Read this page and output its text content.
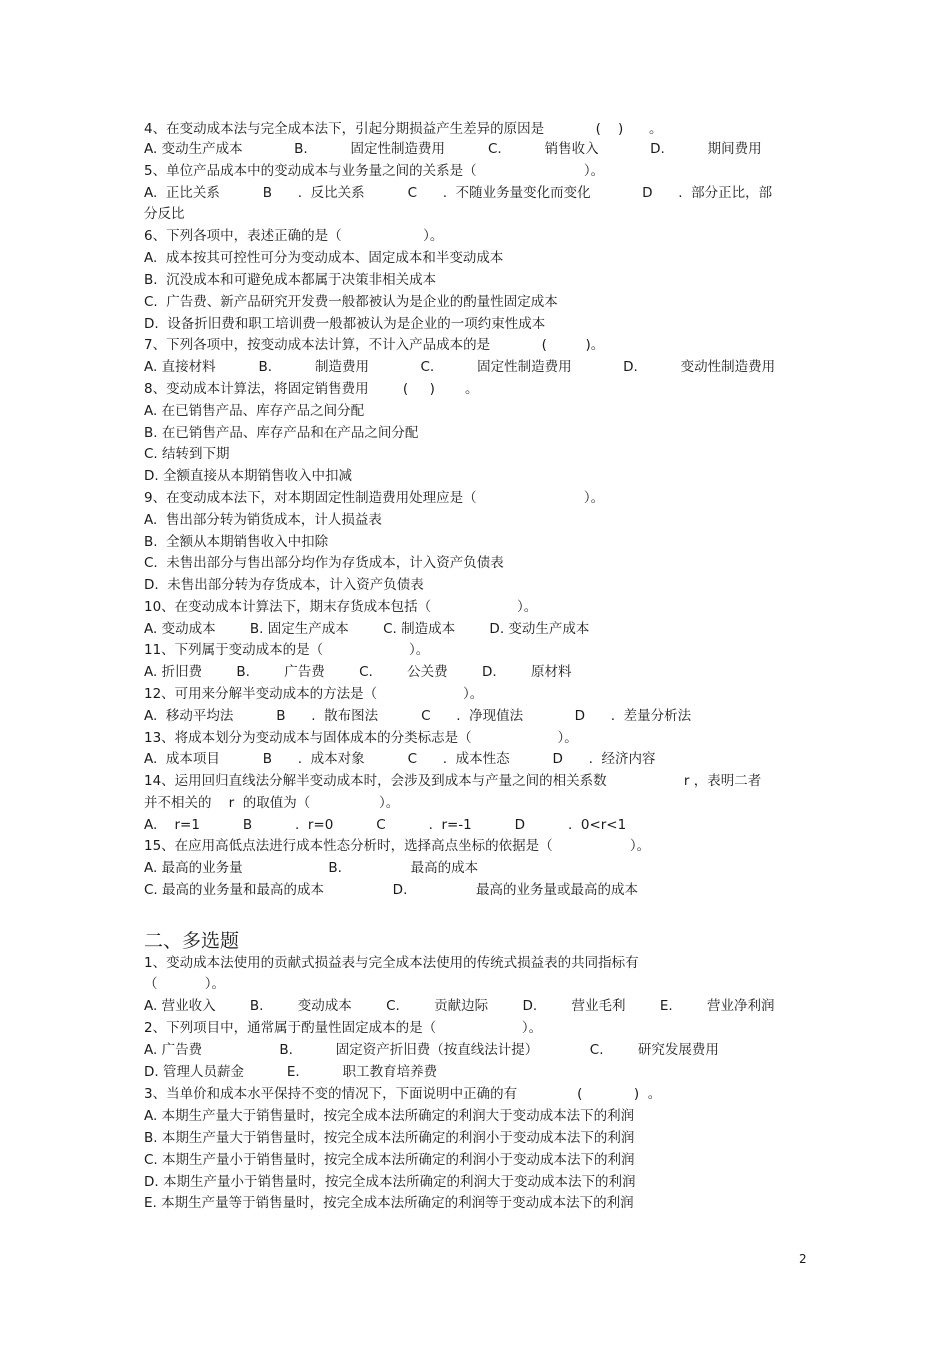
4、在变动成本法与完全成本法下，引起分期损益产生差异的原因是            (    )      。
A. 变动生产成本            B.          固定性制造费用          C.          销售收入            D.          期间费用
5、单位产品成本中的变动成本与业务量之间的关系是（                         ）。
A.  正比关系          B      .  反比关系          C      .  不随业务量变化而变化            D      .  部分正比，部
分反比
6、下列各项中，表述正确的是（                   ）。
A.  成本按其可控性可分为变动成本、固定成本和半变动成本
B.  沉没成本和可避免成本都属于决策非相关成本
C.  广告费、新产品研究开发费一般都被认为是企业的酌量性固定成本
D.  设备折旧费和职工培训费一般都被认为是企业的一项约束性成本
7、下列各项中，按变动成本法计算，不计入产品成本的是            (         )。
A. 直接材料          B.          制造费用            C.          固定性制造费用            D.          变动性制造费用
8、变动成本计算法，将固定销售费用        (     )       。
A. 在已销售产品、库存产品之间分配
B. 在已销售产品、库存产品和在产品之间分配
C. 结转到下期
D. 全额直接从本期销售收入中扣减
9、在变动成本法下，对本期固定性制造费用处理应是（                         ）。
A.  售出部分转为销货成本，计人损益表
B.  全额从本期销售收入中扣除
C.  未售出部分与售出部分均作为存货成本，计入资产负债表
D.  未售出部分转为存货成本，计入资产负债表
10、在变动成本计算法下，期末存货成本包括（                    ）。
A. 变动成本        B. 固定生产成本        C. 制造成本        D. 变动生产成本
11、下列属于变动成本的是（                    ）。
A. 折旧费        B.        广告费        C.        公关费        D.        原材料
12、可用来分解半变动成本的方法是（                    ）。
A.  移动平均法          B      .  散布图法          C      .  净现值法            D      .  差量分析法
13、将成本划分为变动成本与固体成本的分类标志是（                    ）。
A.  成本项目          B      .  成本对象          C      .  成本性态          D      .  经济内容
14、运用回归直线法分解半变动成本时，会涉及到成本与产量之间的相关系数                  r ，表明二者
并不相关的    r  的取值为（                ）。
A.    r=1          B          .  r=0          C          .  r=-1          D          .  0<r<1
15、在应用高低点法进行成本性态分析时，选择高点坐标的依据是（                  ）。
A. 最高的业务量                    B.                最高的成本
C. 最高的业务量和最高的成本                D.                最高的业务量或最高的成本
二、多选题
1、变动成本法使用的贡献式损益表与完全成本法使用的传统式损益表的共同指标有
（           ）。
A. 营业收入        B.        变动成本        C.        贡献边际        D.        营业毛利        E.        营业净利润
2、下列项目中，通常属于酌量性固定成本的是（                    ）。
A. 广告费                  B.          固定资产折旧费（按直线法计提）            C.        研究发展费用
D. 管理人员薪金          E.          职工教育培养费
3、当单价和成本水平保持不变的情况下，下面说明中正确的有              (            )  。
A. 本期生产量大于销售量时，按完全成本法所确定的利润大于变动成本法下的利润
B. 本期生产量大于销售量时，按完全成本法所确定的利润小于变动成本法下的利润
C. 本期生产量小于销售量时，按完全成本法所确定的利润小于变动成本法下的利润
D. 本期生产量小于销售量时，按完全成本法所确定的利润大于变动成本法下的利润
E. 本期生产量等于销售量时，按完全成本法所确定的利润等于变动成本法下的利润
2
